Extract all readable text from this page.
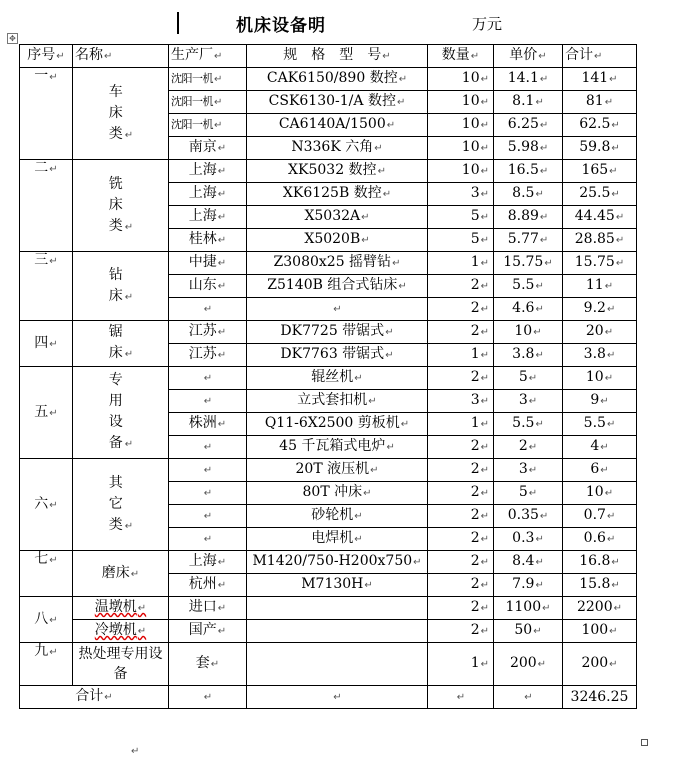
机床设备明	万元
✥
序号↵	名称↵	生产厂↵	规　格　型　号↵	数量↵	单价↵	合计↵
一↵	车床类 ↵	沈阳一机↵	CAK6150/890 数控↵	10↵	14.1↵	141↵
		沈阳一机↵	CSK6130-1/A 数控↵	10↵	8.1↵	81↵
		沈阳一机↵	CA6140A/1500↵	10↵	6.25↵	62.5↵
		南京↵	N336K 六角↵	10↵	5.98↵	59.8↵
二↵	铣床类 ↵	上海↵	XK5032 数控↵	10↵	16.5↵	165↵
		上海↵	XK6125B 数控↵	3↵	8.5↵	25.5↵
		上海↵	X5032A↵	5↵	8.89↵	44.45↵
		桂林↵	X5020B↵	5↵	5.77↵	28.85↵
三↵	钻床 ↵	中捷↵	Z3080x25 摇臂钻↵	1↵	15.75↵	15.75↵
		山东↵	Z5140B 组合式钻床↵	2↵	5.5↵	11↵
		↵	↵	2↵	4.6↵	9.2↵
四↵	锯床 ↵	江苏↵	DK7725 带锯式↵	2↵	10↵	20↵
		江苏↵	DK7763 带锯式↵	1↵	3.8↵	3.8↵
五↵	专用设备 ↵	↵	辊丝机↵	2↵	5↵	10↵
		↵	立式套扣机↵	3↵	3↵	9↵
		株洲↵	Q11-6X2500 剪板机↵	1↵	5.5↵	5.5↵
		↵	45 千瓦箱式电炉↵	2↵	2↵	4↵
六↵	其它类 ↵	↵	20T 液压机↵	2↵	3↵	6↵
		↵	80T 冲床↵	2↵	5↵	10↵
		↵	砂轮机↵	2↵	0.35↵	0.7↵
		↵	电焊机↵	2↵	0.3↵	0.6↵
七↵	磨床↵	上海↵	M1420/750-H200x750↵	2↵	8.4↵	16.8↵
		杭州↵	M7130H↵	2↵	7.9↵	15.8↵
八↵	温墩机↵	进口↵		2↵	1100↵	2200↵
	冷墩机↵	国产↵		2↵	50↵	100↵
九↵	热处理专用设备	套↵		1↵	200↵	200↵
合计↵		↵	↵	↵	↵	3246.25
↵
